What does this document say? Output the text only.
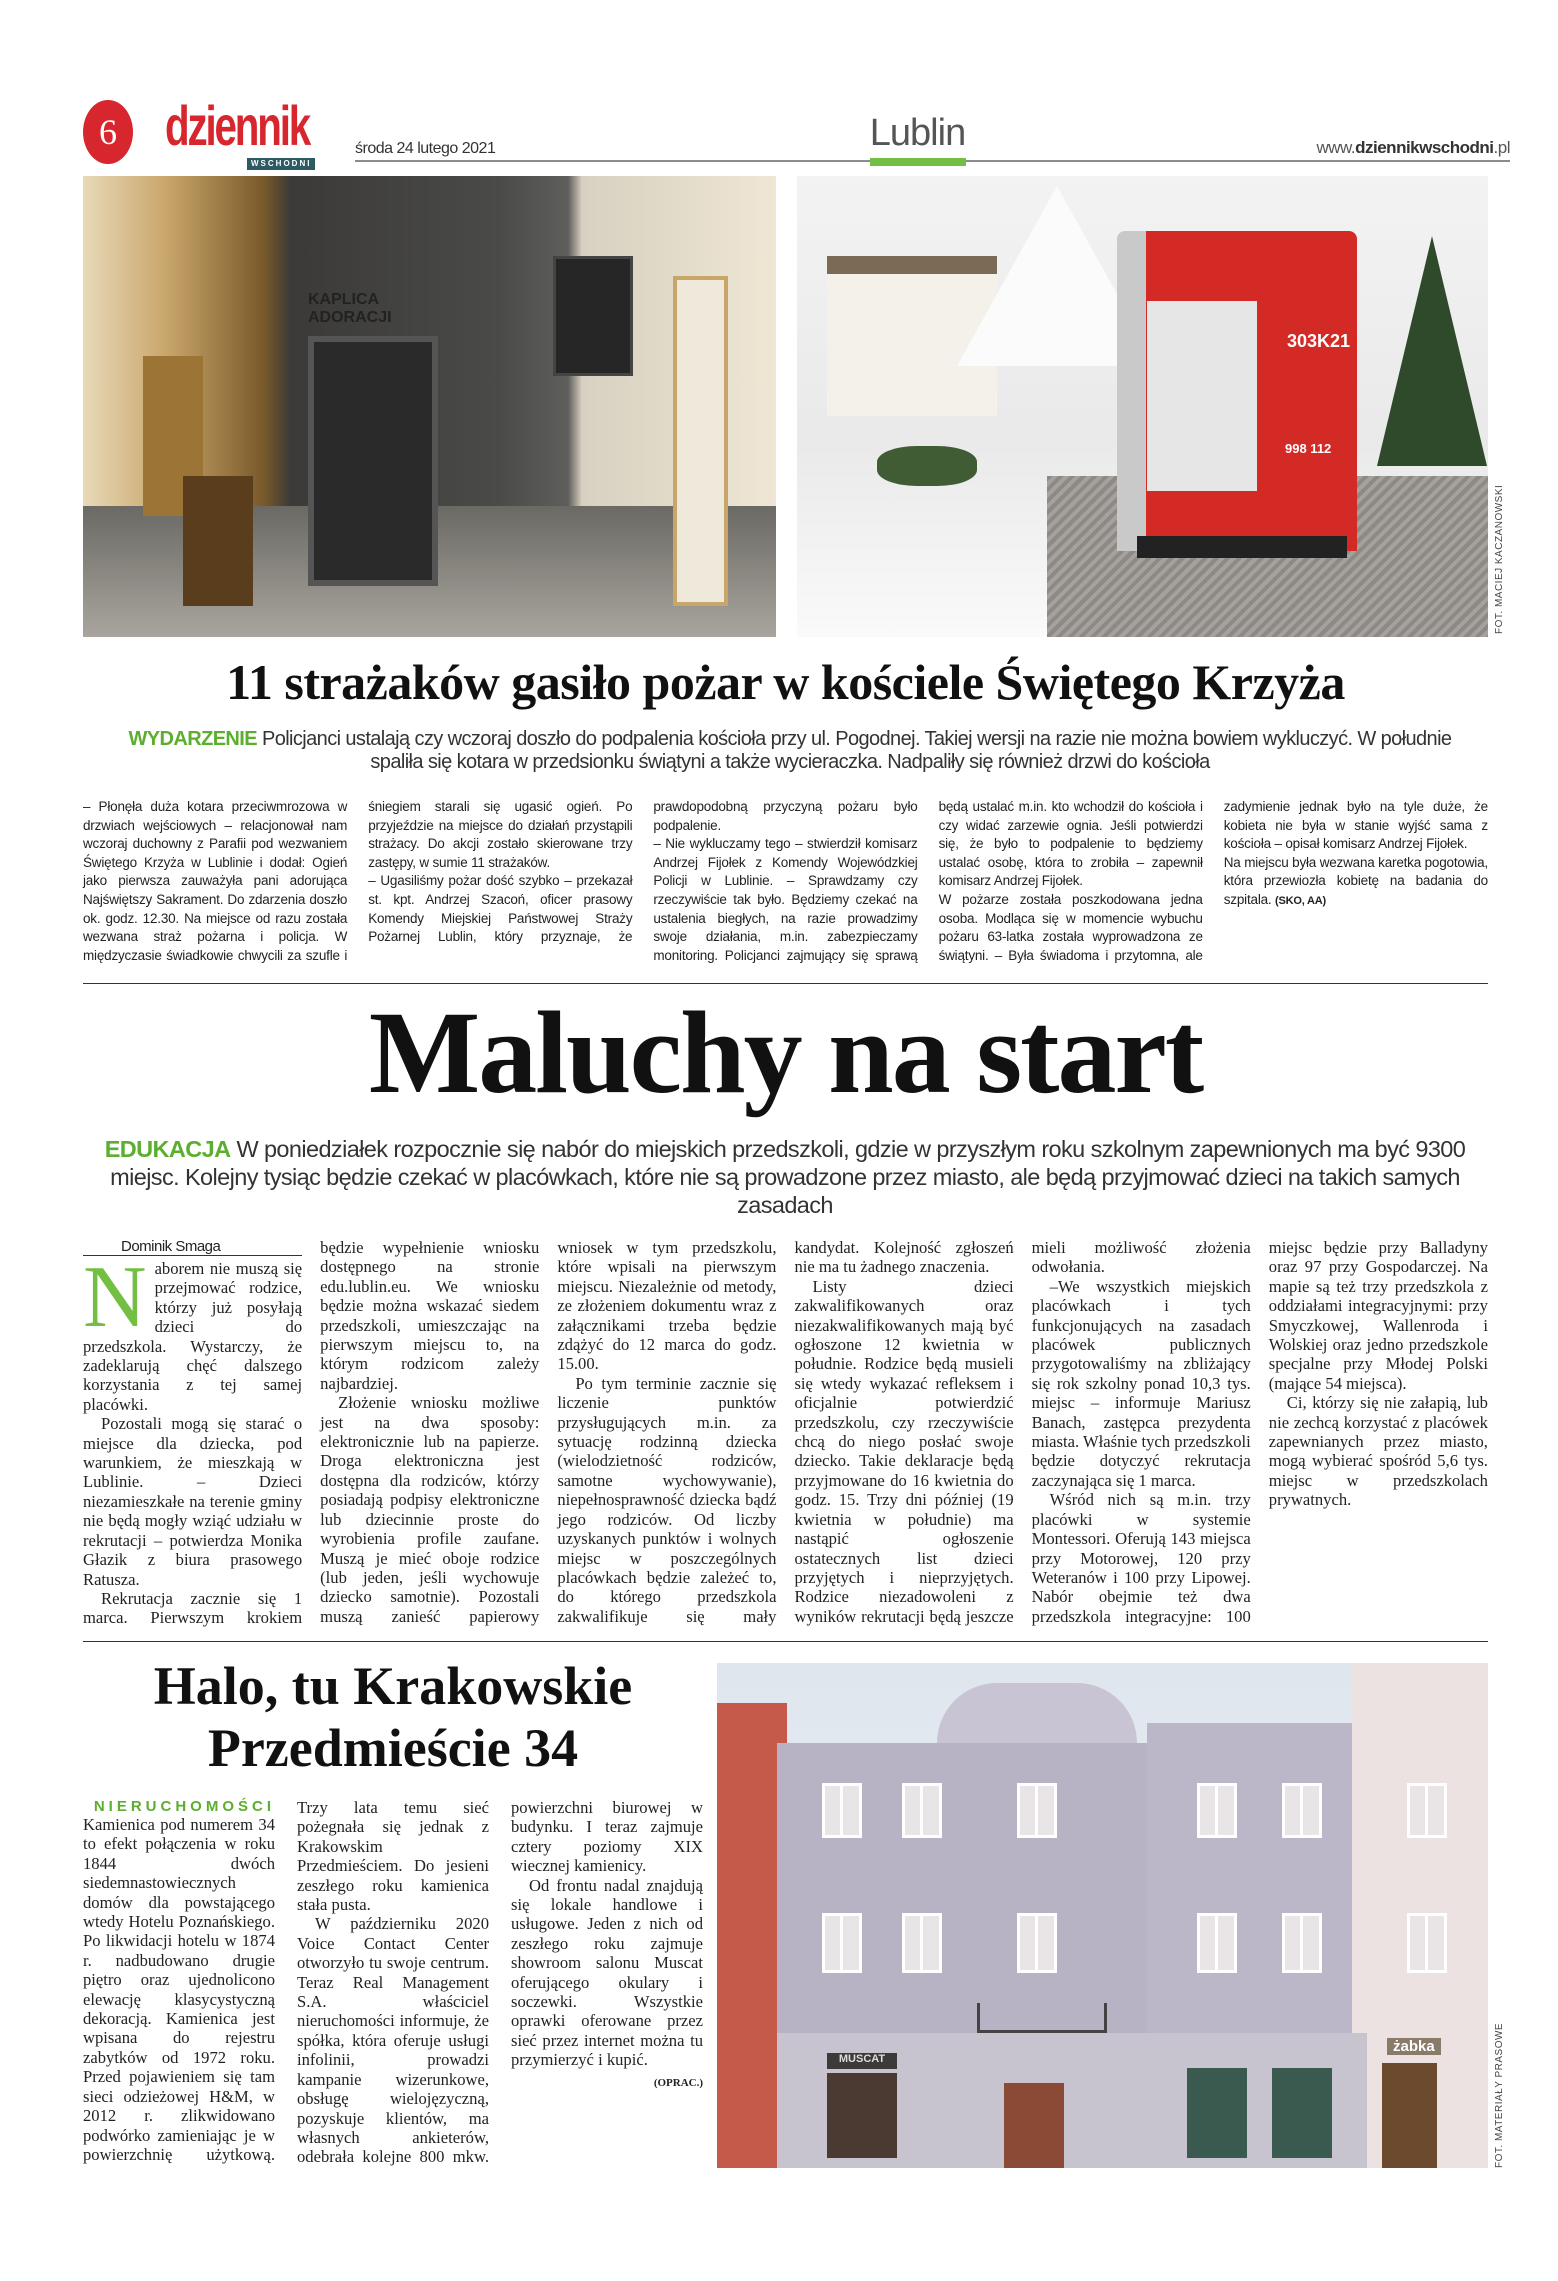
6 dziennik
WSCHODNI
środa 24 lutego 2021	Lublin	www.dziennikwschodni.pl
KAPLICA ADORACJI
303K21
998 112
FOT. MACIEJ KACZANOWSKI
11 strażaków gasiło pożar w kościele Świętego Krzyża
WYDARZENIE Policjanci ustalają czy wczoraj doszło do podpalenia kościoła przy ul. Pogodnej. Takiej wersji na razie nie można bowiem wykluczyć. W południe spaliła się kotara w przedsionku świątyni a także wycieraczka. Nadpaliły się również drzwi do kościoła

– Płonęła duża kotara przeciwmrozowa w drzwiach wejściowych – relacjonował nam wczoraj duchowny z Parafii pod wezwaniem Świętego Krzyża w Lublinie i dodał: Ogień jako pierwsza zauważyła pani adorująca Najświętszy Sakrament. Do zdarzenia doszło ok. godz. 12.30. Na miejsce od razu została wezwana straż pożarna i policja. W międzyczasie świadkowie chwycili za szufle i śniegiem starali się ugasić ogień. Po przyjeździe na miejsce do działań przystąpili strażacy. Do akcji zostało skierowane trzy zastępy, w sumie 11 strażaków.

– Ugasiliśmy pożar dość szybko – przekazał st. kpt. Andrzej Szacoń, oficer prasowy Komendy Miejskiej Państwowej Straży Pożarnej Lublin, który przyznaje, że prawdopodobną przyczyną pożaru było podpalenie.

– Nie wykluczamy tego – stwierdził komisarz Andrzej Fijołek z Komendy Wojewódzkiej Policji w Lublinie. – Sprawdzamy czy rzeczywiście tak było. Będziemy czekać na ustalenia biegłych, na razie prowadzimy swoje działania, m.in. zabezpieczamy monitoring. Policjanci zajmujący się sprawą będą ustalać m.in. kto wchodził do kościoła i czy widać zarzewie ognia. Jeśli potwierdzi się, że było to podpalenie to będziemy ustalać osobę, która to zrobiła – zapewnił komisarz Andrzej Fijołek.

W pożarze została poszkodowana jedna osoba. Modląca się w momencie wybuchu pożaru 63-latka została wyprowadzona ze świątyni. – Była świadoma i przytomna, ale zadymienie jednak było na tyle duże, że kobieta nie była w stanie wyjść sama z kościoła – opisał komisarz Andrzej Fijołek.

Na miejscu była wezwana karetka pogotowia, która przewiozła kobietę na badania do szpitala. (SKO, AA)

Maluchy na start
EDUKACJA W poniedziałek rozpocznie się nabór do miejskich przedszkoli, gdzie w przyszłym roku szkolnym zapewnionych ma być 9300 miejsc. Kolejny tysiąc będzie czekać w placówkach, które nie są prowadzone przez miasto, ale będą przyjmować dzieci na takich samych zasadach
Dominik Smaga

Naborem nie muszą się przejmować rodzice, którzy już posyłają dzieci do przedszkola. Wystarczy, że zadeklarują chęć dalszego korzystania z tej samej placówki.

Pozostali mogą się starać o miejsce dla dziecka, pod warunkiem, że mieszkają w Lublinie. – Dzieci niezamieszkałe na terenie gminy nie będą mogły wziąć udziału w rekrutacji – potwierdza Monika Głazik z biura prasowego Ratusza.

Rekrutacja zacznie się 1 marca. Pierwszym krokiem będzie wypełnienie wniosku dostępnego na stronie edu.lublin.eu. We wniosku będzie można wskazać siedem przedszkoli, umieszczając na pierwszym miejscu to, na którym rodzicom zależy najbardziej.

Złożenie wniosku możliwe jest na dwa sposoby: elektronicznie lub na papierze. Droga elektroniczna jest dostępna dla rodziców, którzy posiadają podpisy elektroniczne lub dziecinnie proste do wyrobienia profile zaufane. Muszą je mieć oboje rodzice (lub jeden, jeśli wychowuje dziecko samotnie). Pozostali muszą zanieść papierowy wniosek w tym przedszkolu, które wpisali na pierwszym miejscu. Niezależnie od metody, ze złożeniem dokumentu wraz z załącznikami trzeba będzie zdążyć do 12 marca do godz. 15.00.

Po tym terminie zacznie się liczenie punktów przysługujących m.in. za sytuację rodzinną dziecka (wielodzietność rodziców, samotne wychowywanie), niepełnosprawność dziecka bądź jego rodziców. Od liczby uzyskanych punktów i wolnych miejsc w poszczególnych placówkach będzie zależeć to, do którego przedszkola zakwalifikuje się mały kandydat. Kolejność zgłoszeń nie ma tu żadnego znaczenia.

Listy dzieci zakwalifikowanych oraz niezakwalifikowanych mają być ogłoszone 12 kwietnia w południe. Rodzice będą musieli się wtedy wykazać refleksem i oficjalnie potwierdzić przedszkolu, czy rzeczywiście chcą do niego posłać swoje dziecko. Takie deklaracje będą przyjmowane do 16 kwietnia do godz. 15. Trzy dni później (19 kwietnia w południe) ma nastąpić ogłoszenie ostatecznych list dzieci przyjętych i nieprzyjętych. Rodzice niezadowoleni z wyników rekrutacji będą jeszcze mieli możliwość złożenia odwołania.

–We wszystkich miejskich placówkach i tych funkcjonujących na zasadach placówek publicznych przygotowaliśmy na zbliżający się rok szkolny ponad 10,3 tys. miejsc – informuje Mariusz Banach, zastępca prezydenta miasta. Właśnie tych przedszkoli będzie dotyczyć rekrutacja zaczynająca się 1 marca.

Wśród nich są m.in. trzy placówki w systemie Montessori. Oferują 143 miejsca przy Motorowej, 120 przy Weteranów i 100 przy Lipowej. Nabór obejmie też dwa przedszkola integracyjne: 100 miejsc będzie przy Balladyny oraz 97 przy Gospodarczej. Na mapie są też trzy przedszkola z oddziałami integracyjnymi: przy Smyczkowej, Wallenroda i Wolskiej oraz jedno przedszkole specjalne przy Młodej Polski (mające 54 miejsca).

Ci, którzy się nie załapią, lub nie zechcą korzystać z placówek zapewnianych przez miasto, mogą wybierać spośród 5,6 tys. miejsc w przedszkolach prywatnych.

Halo, tu Krakowskie
Przedmieście 34
NIERUCHOMOŚCI

Kamienica pod numerem 34 to efekt połączenia w roku 1844 dwóch siedemnastowiecznych domów dla powstającego wtedy Hotelu Poznańskiego. Po likwidacji hotelu w 1874 r. nadbudowano drugie piętro oraz ujednolicono elewację klasycystyczną dekoracją. Kamienica jest wpisana do rejestru zabytków od 1972 roku. Przed pojawieniem się tam sieci odzieżowej H&M, w 2012 r. zlikwidowano podwórko zamieniając je w powierzchnię użytkową. Trzy lata temu sieć pożegnała się jednak z Krakowskim Przedmieściem. Do jesieni zeszłego roku kamienica stała pusta.

W październiku 2020 Voice Contact Center otworzyło tu swoje centrum. Teraz Real Management S.A. właściciel nieruchomości informuje, że spółka, która oferuje usługi infolinii, prowadzi kampanie wizerunkowe, obsługę wielojęzyczną, pozyskuje klientów, ma własnych ankieterów, odebrała kolejne 800 mkw. powierzchni biurowej w budynku. I teraz zajmuje cztery poziomy XIX wiecznej kamienicy.

Od frontu nadal znajdują się lokale handlowe i usługowe. Jeden z nich od zeszłego roku zajmuje showroom salonu Muscat oferującego okulary i soczewki. Wszystkie oprawki oferowane przez sieć przez internet można tu przymierzyć i kupić.

(OPRAC.)
MUSCAT
żabka	FOT. MATERIAŁY PRASOWE
